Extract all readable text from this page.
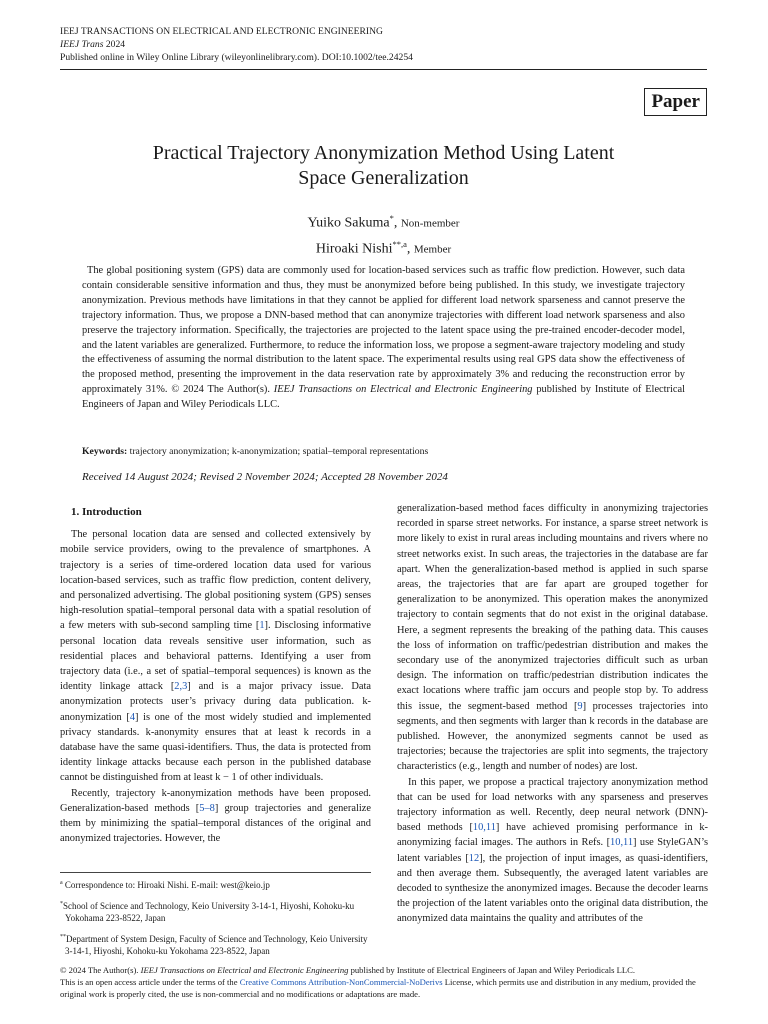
IEEJ TRANSACTIONS ON ELECTRICAL AND ELECTRONIC ENGINEERING
IEEJ Trans 2024
Published online in Wiley Online Library (wileyonlinelibrary.com). DOI:10.1002/tee.24254
Paper
Practical Trajectory Anonymization Method Using Latent
Space Generalization
Yuiko Sakuma*, Non-member
Hiroaki Nishi$^{**,a}$, Member

The global positioning system (GPS) data are commonly used for location-based services such as traffic flow prediction. However, such data contain considerable sensitive information and thus, they must be anonymized before being published. In this study, we investigate trajectory anonymization. Previous methods have limitations in that they cannot be applied for different load network sparseness and cannot preserve the trajectory information. Thus, we propose a DNN-based method that can anonymize trajectories with different load network sparseness and also preserve the trajectory information. Specifically, the trajectories are projected to the latent space using the pre-trained encoder-decoder model, and the latent variables are generalized. Furthermore, to reduce the information loss, we propose a segment-aware trajectory modeling and study the effectiveness of assuming the normal distribution to the latent space. The experimental results using real GPS data show the effectiveness of the proposed method, presenting the improvement in the data reservation rate by approximately 3% and reducing the reconstruction error by approximately 31%. © 2024 The Author(s). IEEJ Transactions on Electrical and Electronic Engineering published by Institute of Electrical Engineers of Japan and Wiley Periodicals LLC.

Keywords: trajectory anonymization; k-anonymization; spatial–temporal representations
Received 14 August 2024; Revised 2 November 2024; Accepted 28 November 2024
1. Introduction

The personal location data are sensed and collected extensively by mobile service providers, owing to the prevalence of smartphones. A trajectory is a series of time-ordered location data used for various location-based services, such as traffic flow prediction, content delivery, and personalized advertising. The global positioning system (GPS) senses high-resolution spatial–temporal personal data with a spatial resolution of a few meters with sub-second sampling time [1]. Disclosing informative personal location data reveals sensitive user information, such as residential places and behavioral patterns. Identifying a user from trajectory data (i.e., a set of spatial–temporal sequences) is known as the identity linkage attack [2,3] and is a major privacy issue. Data anonymization protects user’s privacy during data publication. k-anonymization [4] is one of the most widely studied and implemented privacy standards. k-anonymity ensures that at least k records in a database have the same quasi-identifiers. Thus, the data is protected from identity linkage attacks because each person in the published database cannot be distinguished from at least k − 1 of other individuals.

Recently, trajectory k-anonymization methods have been proposed. Generalization-based methods [5–8] group trajectories and generalize them by minimizing the spatial–temporal distances of the original and anonymized trajectories. However, the

generalization-based method faces difficulty in anonymizing trajectories recorded in sparse street networks. For instance, a sparse street network is more likely to exist in rural areas including mountains and rivers where no street networks exist. In such areas, the trajectories in the database are far apart. When the generalization-based method is applied in such sparse areas, the trajectories that are far apart are grouped together for generalization to be anonymized. This operation makes the anonymized trajectory to contain segments that do not exist in the original database. Here, a segment represents the breaking of the pathing data. This causes the loss of information on traffic/pedestrian distribution and makes the secondary use of the anonymized trajectories difficult such as urban design. The information on traffic/pedestrian distribution indicates the exact locations where traffic jam occurs and people stop by. To address this issue, the segment-based method [9] processes trajectories into segments, and then segments with larger than k records in the database are published. However, the anonymized segments cannot be used as trajectories; because the trajectories are split into segments, the trajectory characteristics (e.g., length and number of nodes) are lost.

In this paper, we propose a practical trajectory anonymization method that can be used for load networks with any sparseness and preserves trajectory information as well. Recently, deep neural network (DNN)-based methods [10,11] have achieved promising performance in k-anonymizing facial images. The authors in Refs. [10,11] use StyleGAN’s latent variables [12], the projection of input images, as quasi-identifiers, and then average them. Subsequently, the averaged latent variables are decoded to synthesize the anonymized images. Because the decoder learns the projection of the latent variables onto the original data distribution, the anonymized data maintains the quality and attributes of the

$^a$ Correspondence to: Hiroaki Nishi. E-mail: west@keio.jp

*School of Science and Technology, Keio University 3-14-1, Hiyoshi, Kohoku-ku Yokohama 223-8522, Japan

**Department of System Design, Faculty of Science and Technology, Keio University 3-14-1, Hiyoshi, Kohoku-ku Yokohama 223-8522, Japan

© 2024 The Author(s). IEEJ Transactions on Electrical and Electronic Engineering published by Institute of Electrical Engineers of Japan and Wiley Periodicals LLC.
This is an open access article under the terms of the Creative Commons Attribution-NonCommercial-NoDerivs License, which permits use and distribution in any medium, provided the original work is properly cited, the use is non-commercial and no modifications or adaptations are made.
